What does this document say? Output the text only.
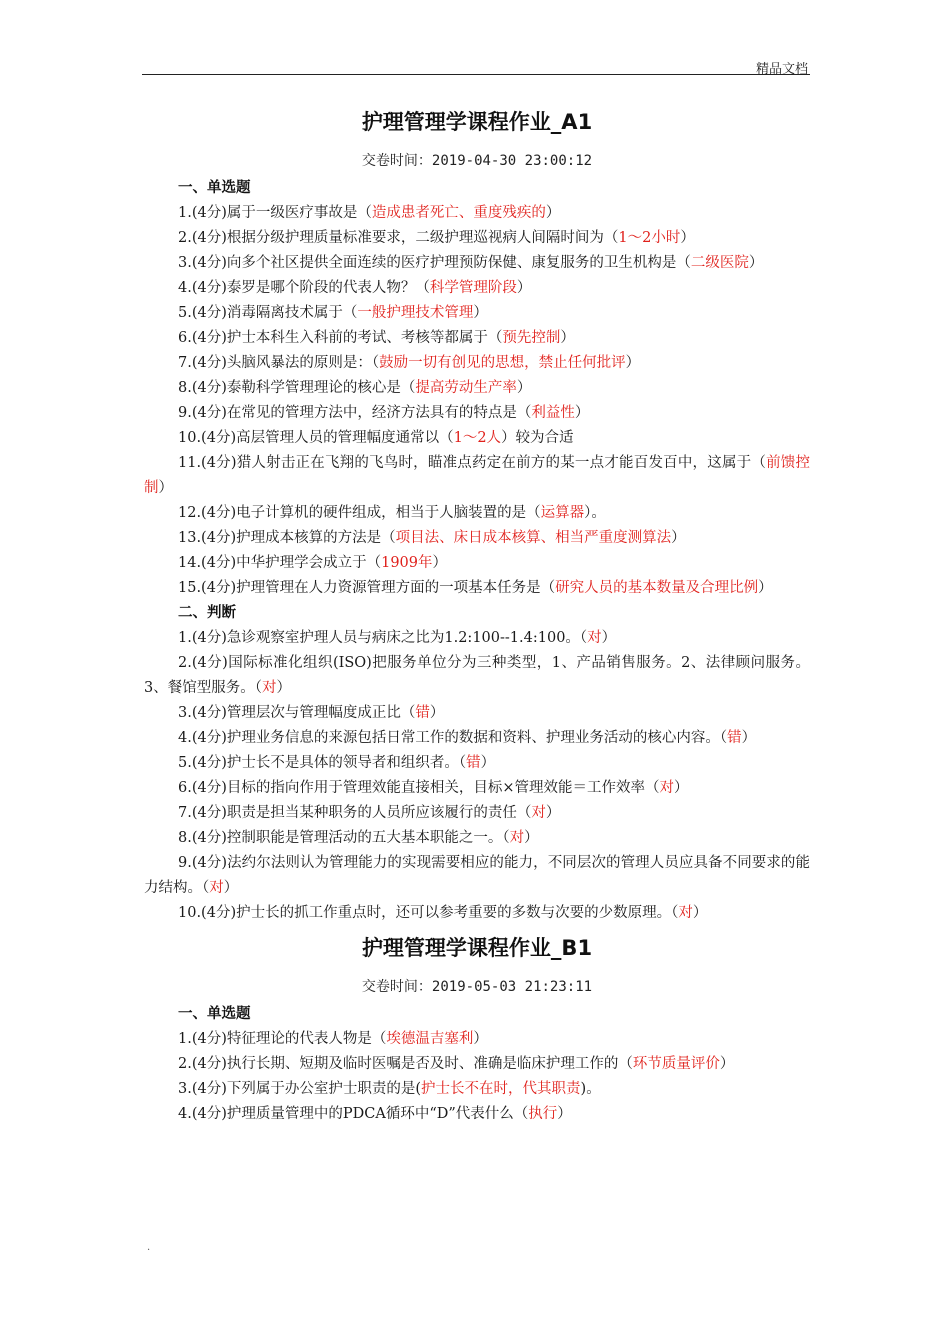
精品文档
护理管理学课程作业_A1
交卷时间：2019-04-30 23:00:12
一、单选题

1.(4分)属于一级医疗事故是（造成患者死亡、重度残疾的）

2.(4分)根据分级护理质量标准要求，二级护理巡视病人间隔时间为（1～2小时）

3.(4分)向多个社区提供全面连续的医疗护理预防保健、康复服务的卫生机构是（二级医院）

4.(4分)泰罗是哪个阶段的代表人物？（科学管理阶段）

5.(4分)消毒隔离技术属于（一般护理技术管理）

6.(4分)护士本科生入科前的考试、考核等都属于（预先控制）

7.(4分)头脑风暴法的原则是：（鼓励一切有创见的思想，禁止任何批评）

8.(4分)泰勒科学管理理论的核心是（提高劳动生产率）

9.(4分)在常见的管理方法中，经济方法具有的特点是（利益性）

10.(4分)高层管理人员的管理幅度通常以（1～2人）较为合适

11.(4分)猎人射击正在飞翔的飞鸟时，瞄准点药定在前方的某一点才能百发百中，这属于（前馈控制）

12.(4分)电子计算机的硬件组成，相当于人脑装置的是（运算器）。

13.(4分)护理成本核算的方法是（项目法、床日成本核算、相当严重度测算法）

14.(4分)中华护理学会成立于（1909年）

15.(4分)护理管理在人力资源管理方面的一项基本任务是（研究人员的基本数量及合理比例）

二、判断

1.(4分)急诊观察室护理人员与病床之比为1.2:100--1.4:100。（对）

2.(4分)国际标准化组织(ISO)把服务单位分为三种类型，1、产品销售服务。2、法律顾问服务。3、餐馆型服务。（对）

3.(4分)管理层次与管理幅度成正比（错）

4.(4分)护理业务信息的来源包括日常工作的数据和资料、护理业务活动的核心内容。（错）

5.(4分)护士长不是具体的领导者和组织者。（错）

6.(4分)目标的指向作用于管理效能直接相关，目标×管理效能＝工作效率（对）

7.(4分)职责是担当某种职务的人员所应该履行的责任（对）

8.(4分)控制职能是管理活动的五大基本职能之一。（对）

9.(4分)法约尔法则认为管理能力的实现需要相应的能力，不同层次的管理人员应具备不同要求的能力结构。（对）

10.(4分)护士长的抓工作重点时，还可以参考重要的多数与次要的少数原理。（对）

护理管理学课程作业_B1
交卷时间：2019-05-03 21:23:11
一、单选题

1.(4分)特征理论的代表人物是（埃德温吉塞利）

2.(4分)执行长期、短期及临时医嘱是否及时、准确是临床护理工作的（环节质量评价）

3.(4分)下列属于办公室护士职责的是(护士长不在时，代其职责)。

4.(4分)护理质量管理中的PDCA循环中“D”代表什么（执行）

.
